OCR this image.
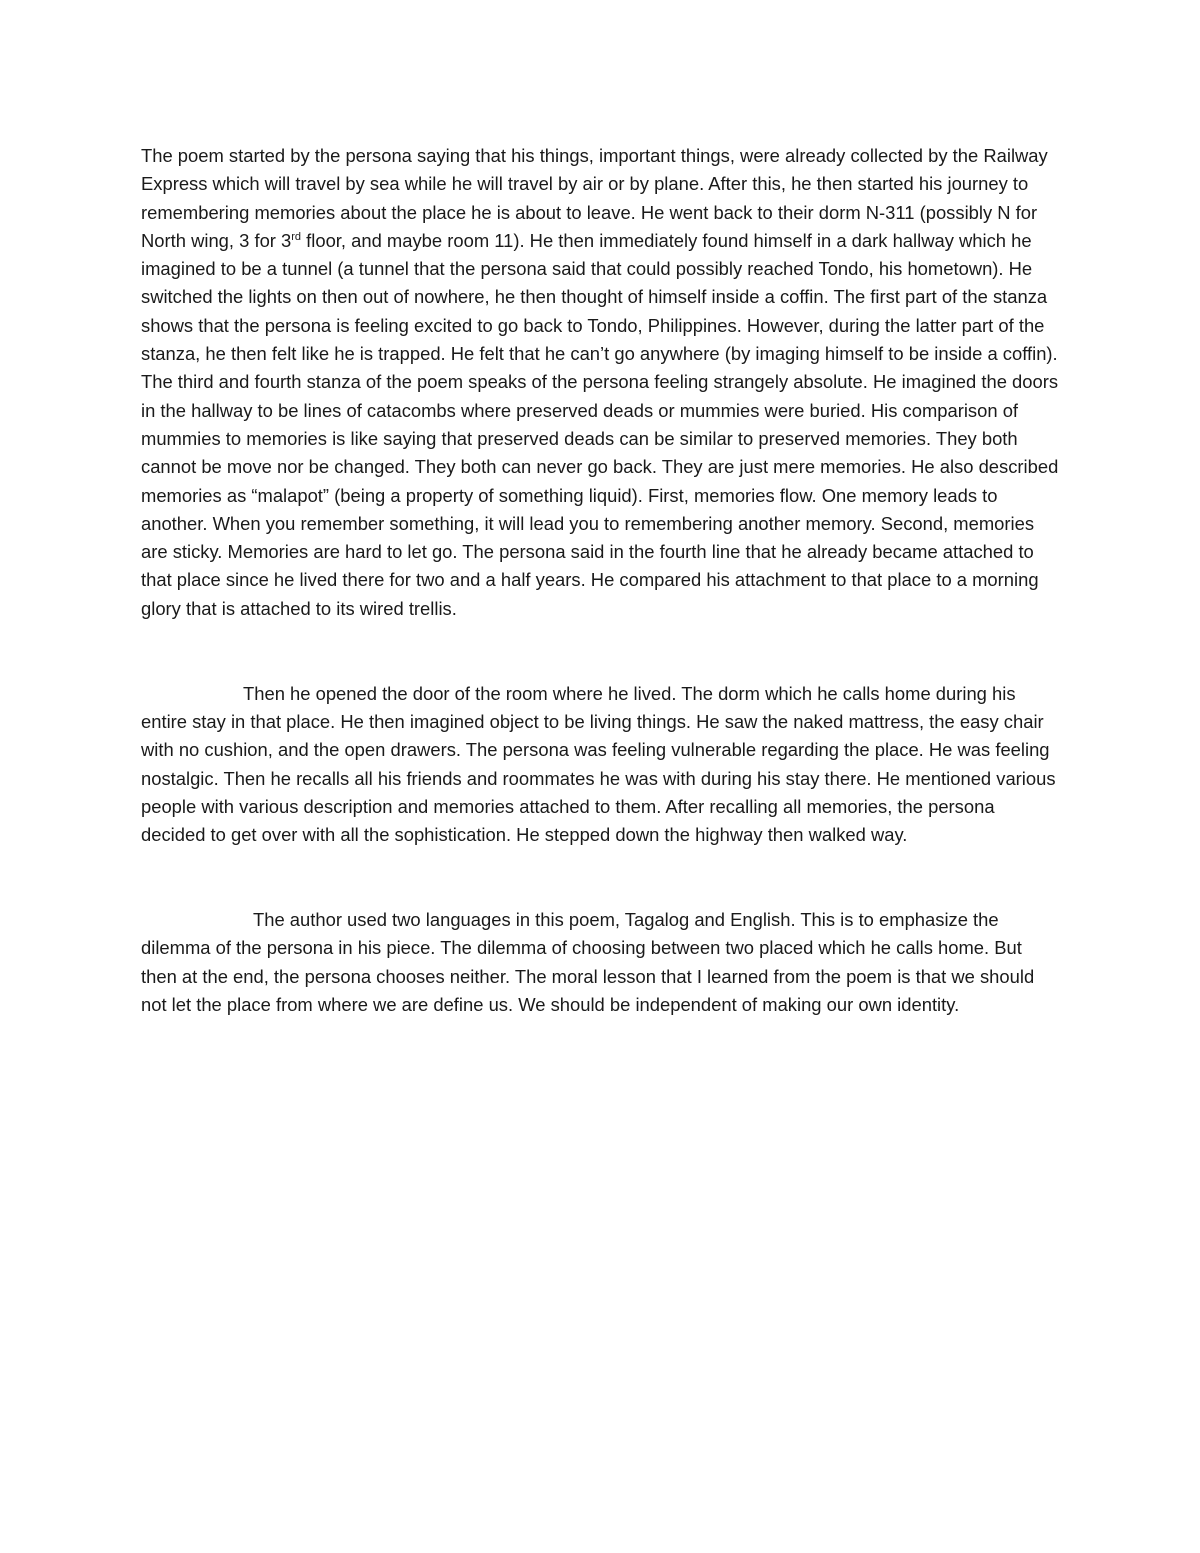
The poem started by the persona saying that his things, important things, were already collected by the Railway Express which will travel by sea while he will travel by air or by plane. After this, he then started his journey to remembering memories about the place he is about to leave. He went back to their dorm N-311 (possibly N for North wing, 3 for 3rd floor, and maybe room 11). He then immediately found himself in a dark hallway which he imagined to be a tunnel (a tunnel that the persona said that could possibly reached Tondo, his hometown). He switched the lights on then out of nowhere, he then thought of himself inside a coffin. The first part of the stanza shows that the persona is feeling excited to go back to Tondo, Philippines. However, during the latter part of the stanza, he then felt like he is trapped. He felt that he can’t go anywhere (by imaging himself to be inside a coffin). The third and fourth stanza of the poem speaks of the persona feeling strangely absolute. He imagined the doors in the hallway to be lines of catacombs where preserved deads or mummies were buried. His comparison of mummies to memories is like saying that preserved deads can be similar to preserved memories. They both cannot be move nor be changed. They both can never go back. They are just mere memories. He also described memories as “malapot” (being a property of something liquid). First, memories flow. One memory leads to another. When you remember something, it will lead you to remembering another memory. Second, memories are sticky. Memories are hard to let go. The persona said in the fourth line that he already became attached to that place since he lived there for two and a half years. He compared his attachment to that place to a morning glory that is attached to its wired trellis.

Then he opened the door of the room where he lived. The dorm which he calls home during his entire stay in that place. He then imagined object to be living things. He saw the naked mattress, the easy chair with no cushion, and the open drawers. The persona was feeling vulnerable regarding the place. He was feeling nostalgic. Then he recalls all his friends and roommates he was with during his stay there. He mentioned various people with various description and memories attached to them. After recalling all memories, the persona decided to get over with all the sophistication. He stepped down the highway then walked way.

The author used two languages in this poem, Tagalog and English. This is to emphasize the dilemma of the persona in his piece. The dilemma of choosing between two placed which he calls home. But then at the end, the persona chooses neither. The moral lesson that I learned from the poem is that we should not let the place from where we are define us. We should be independent of making our own identity.
